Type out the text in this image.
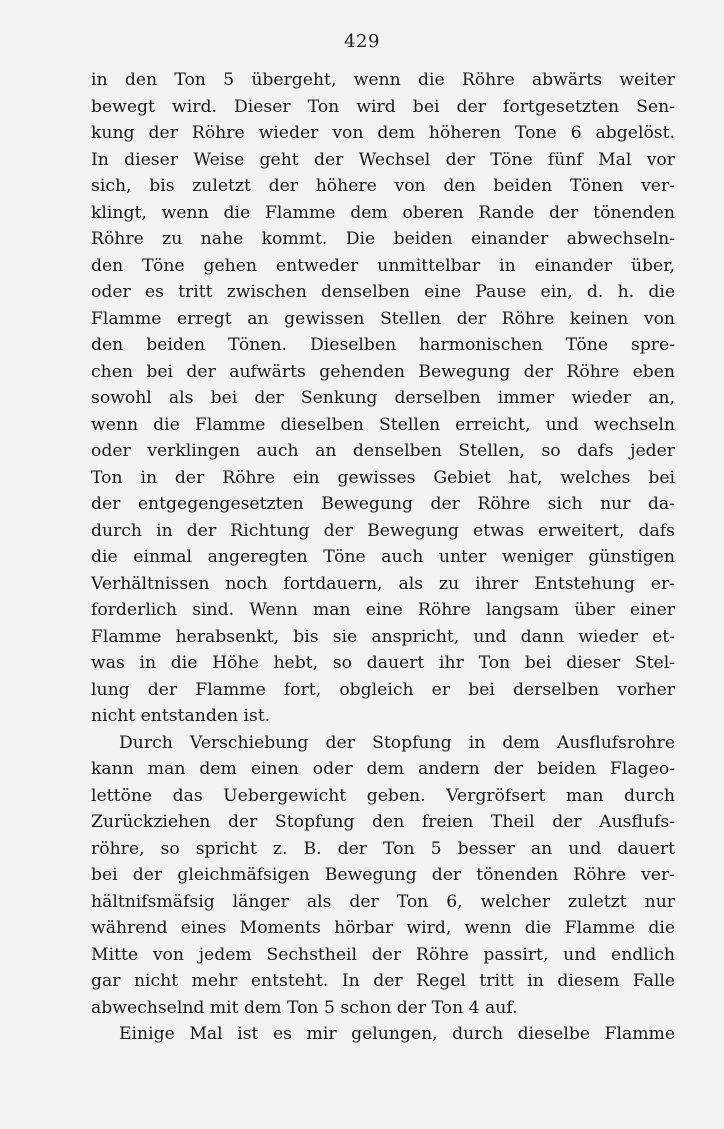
429
in den Ton 5 übergeht, wenn die Röhre abwärts weiter
bewegt wird. Dieser Ton wird bei der fortgesetzten Sen-
kung der Röhre wieder von dem höheren Tone 6 abgelöst.
In dieser Weise geht der Wechsel der Töne fünf Mal vor
sich, bis zuletzt der höhere von den beiden Tönen ver-
klingt, wenn die Flamme dem oberen Rande der tönenden
Röhre zu nahe kommt. Die beiden einander abwechseln-
den Töne gehen entweder unmittelbar in einander über,
oder es tritt zwischen denselben eine Pause ein, d. h. die
Flamme erregt an gewissen Stellen der Röhre keinen von
den beiden Tönen. Dieselben harmonischen Töne spre-
chen bei der aufwärts gehenden Bewegung der Röhre eben
sowohl als bei der Senkung derselben immer wieder an,
wenn die Flamme dieselben Stellen erreicht, und wechseln
oder verklingen auch an denselben Stellen, so dafs jeder
Ton in der Röhre ein gewisses Gebiet hat, welches bei
der entgegengesetzten Bewegung der Röhre sich nur da-
durch in der Richtung der Bewegung etwas erweitert, dafs
die einmal angeregten Töne auch unter weniger günstigen
Verhältnissen noch fortdauern, als zu ihrer Entstehung er-
forderlich sind. Wenn man eine Röhre langsam über einer
Flamme herabsenkt, bis sie anspricht, und dann wieder et-
was in die Höhe hebt, so dauert ihr Ton bei dieser Stel-
lung der Flamme fort, obgleich er bei derselben vorher
nicht entstanden ist.
Durch Verschiebung der Stopfung in dem Ausflufsrohre
kann man dem einen oder dem andern der beiden Flageo-
lettöne das Uebergewicht geben. Vergröfsert man durch
Zurückziehen der Stopfung den freien Theil der Ausflufs-
röhre, so spricht z. B. der Ton 5 besser an und dauert
bei der gleichmäfsigen Bewegung der tönenden Röhre ver-
hältnifsmäfsig länger als der Ton 6, welcher zuletzt nur
während eines Moments hörbar wird, wenn die Flamme die
Mitte von jedem Sechstheil der Röhre passirt, und endlich
gar nicht mehr entsteht. In der Regel tritt in diesem Falle
abwechselnd mit dem Ton 5 schon der Ton 4 auf.
Einige Mal ist es mir gelungen, durch dieselbe Flamme
